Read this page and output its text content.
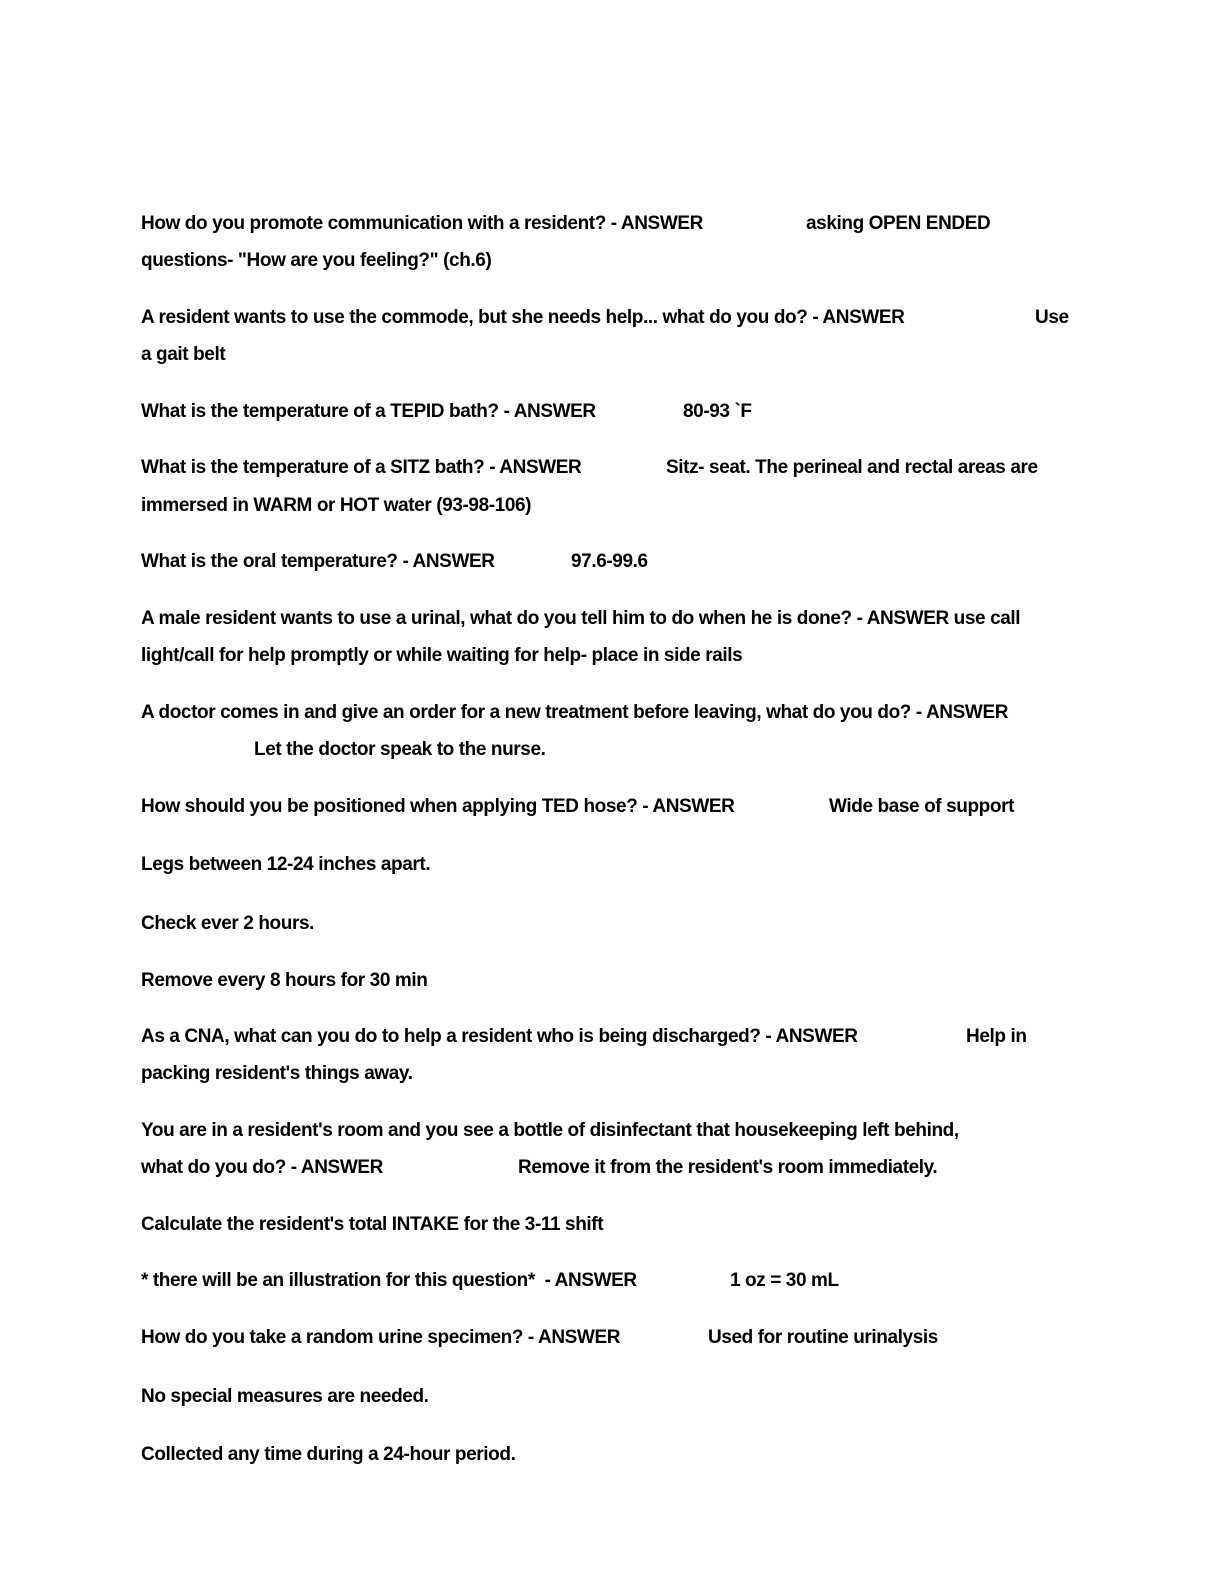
How do you promote communication with a resident? - ANSWER

	asking OPEN ENDED

questions- "How are you feeling?" (ch.6)

A resident wants to use the commode, but she needs help... what do you do? - ANSWER

	Use

a gait belt

What is the temperature of a TEPID bath? - ANSWER

	80-93 `F

What is the temperature of a SITZ bath? - ANSWER

	Sitz- seat. The perineal and rectal areas are

immersed in WARM or HOT water (93-98-106)

What is the oral temperature? - ANSWER

	97.6-99.6

A male resident wants to use a urinal, what do you tell him to do when he is done? - ANSWER use call

light/call for help promptly or while waiting for help- place in side rails

A doctor comes in and give an order for a new treatment before leaving, what do you do? - ANSWER

Let the doctor speak to the nurse.

How should you be positioned when applying TED hose? - ANSWER

	Wide base of support

Legs between 12-24 inches apart.

Check ever 2 hours.

Remove every 8 hours for 30 min

As a CNA, what can you do to help a resident who is being discharged? - ANSWER

	Help in

packing resident's things away.

You are in a resident's room and you see a bottle of disinfectant that housekeeping left behind,

what do you do? - ANSWER

	Remove it from the resident's room immediately.

Calculate the resident's total INTAKE for the 3-11 shift

* there will be an illustration for this question*  - ANSWER

	1 oz = 30 mL

How do you take a random urine specimen? - ANSWER

	Used for routine urinalysis

No special measures are needed.

Collected any time during a 24-hour period.
